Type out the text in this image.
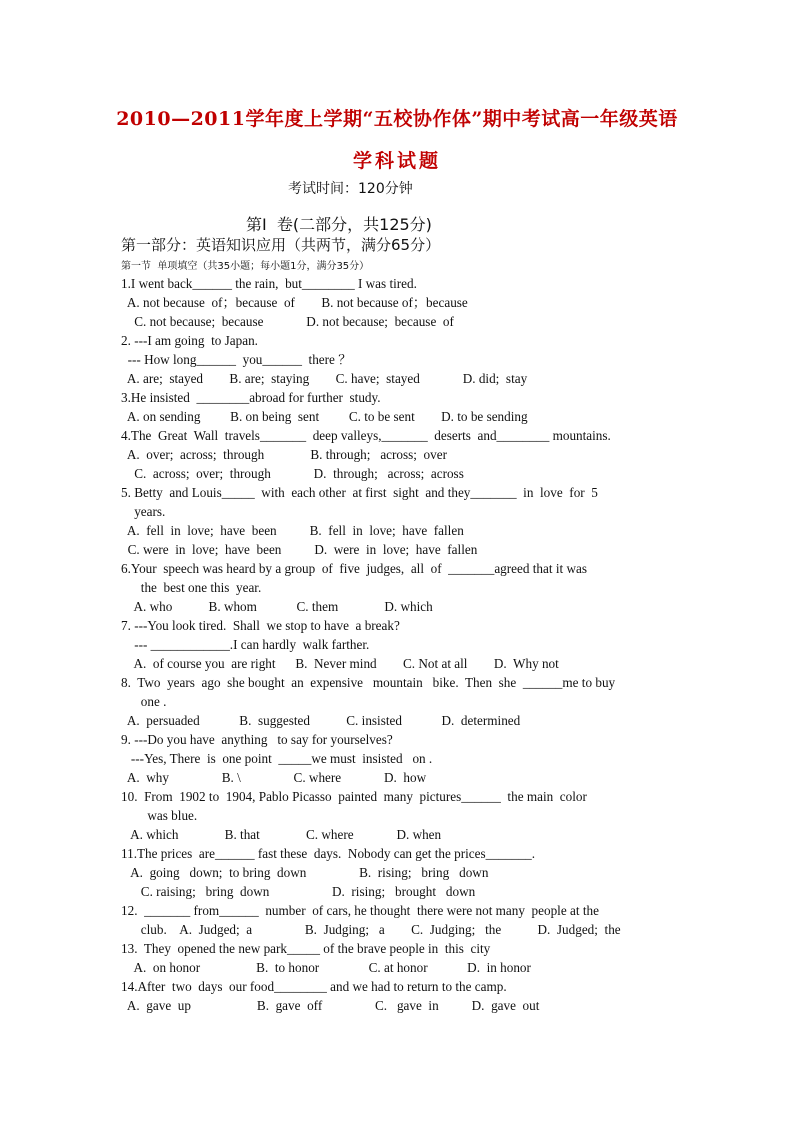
2010—2011学年度上学期“五校协作体”期中考试高一年级英语
学科试题
考试时间：120分钟
第I  卷(二部分，共125分)
第一部分：英语知识应用（共两节，满分65分）
第一节  单项填空（共35小题；每小题1分，满分35分）
1.I went back______ the rain,  but________ I was tired.
A. not because  of；because  of        B. not because of；because
C. not because;  because             D. not because;  because  of
2. ---I am going  to Japan.
--- How long______  you______  there ？
A. are;  stayed        B. are;  staying        C. have;  stayed             D. did;  stay
3.He insisted  ________abroad for further  study.
A. on sending         B. on being  sent         C. to be sent        D. to be sending
4.The  Great  Wall  travels_______  deep valleys,_______  deserts  and________ mountains.
A.  over;  across;  through              B. through;   across;  over
C.  across;  over;  through             D.  through;   across;  across
5. Betty  and Louis_____  with  each other  at first  sight  and they_______  in  love  for  5
years.
A.  fell  in  love;  have  been          B.  fell  in  love;  have  fallen
C. were  in  love;  have  been          D.  were  in  love;  have  fallen
6.Your  speech was heard by a group  of  five  judges,  all  of  _______agreed that it was
the  best one this  year.
A. who           B. whom            C. them              D. which
7. ---You look tired.  Shall  we stop to have  a break?
--- ____________.I can hardly  walk farther.
A.  of course you  are right      B.  Never mind        C. Not at all        D.  Why not
8.  Two  years  ago  she bought  an  expensive   mountain   bike.  Then  she  ______me to buy
one .
A.  persuaded            B.  suggested           C. insisted            D.  determined
9. ---Do you have  anything   to say for yourselves?
---Yes, There  is  one point  _____we must  insisted   on .
A.  why                B. \                C. where             D.  how
10.  From  1902 to  1904, Pablo Picasso  painted  many  pictures______  the main  color
was blue.
A. which              B. that              C. where             D. when
11.The prices  are______ fast these  days.  Nobody can get the prices_______.
A.  going   down;  to bring  down                B.  rising;   bring   down
C. raising;   bring  down                   D.  rising;   brought   down
12.  _______ from______  number  of cars, he thought  there were not many  people at the
club.    A.  Judged;  a                B.  Judging;   a        C.  Judging;   the           D.  Judged;  the
13.  They  opened the new park_____ of the brave people in  this  city
A.  on honor                 B.  to honor               C. at honor            D.  in honor
14.After  two  days  our food________ and we had to return to the camp.
A.  gave  up                    B.  gave  off                C.   gave  in          D.  gave  out
